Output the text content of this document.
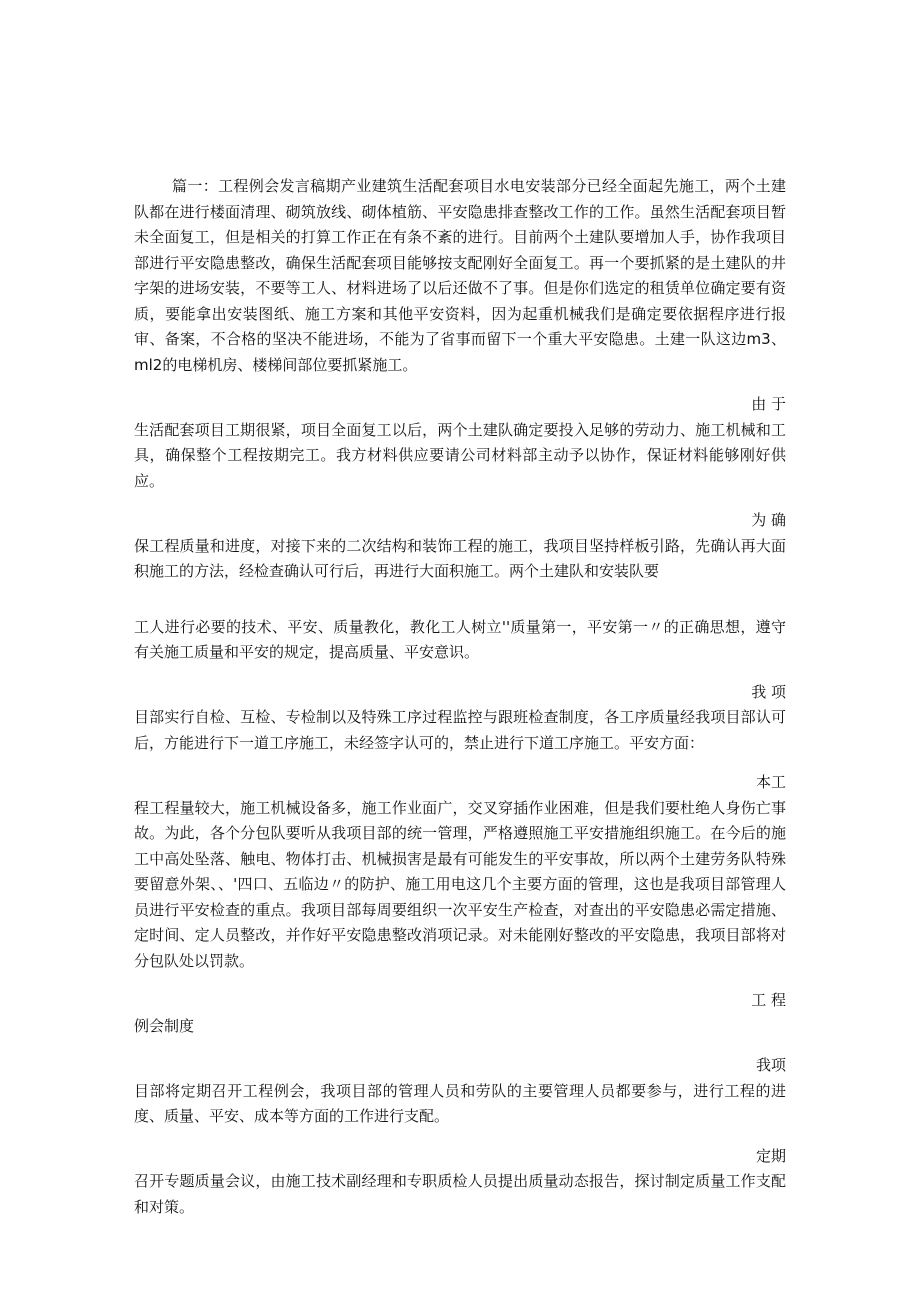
篇一：工程例会发言稿期产业建筑生活配套项目水电安装部分已经全面起先施工，两个土建队都在进行楼面清理、砌筑放线、砌体植筋、平安隐患排查整改工作的工作。虽然生活配套项目暂未全面复工，但是相关的打算工作正在有条不紊的进行。目前两个土建队要增加人手，协作我项目部进行平安隐患整改，确保生活配套项目能够按支配刚好全面复工。再一个要抓紧的是土建队的井字架的进场安装，不要等工人、材料进场了以后还做不了事。但是你们选定的租赁单位确定要有资质，要能拿出安装图纸、施工方案和其他平安资料，因为起重机械我们是确定要依据程序进行报审、备案，不合格的坚决不能进场，不能为了省事而留下一个重大平安隐患。土建一队这边m3、ml2的电梯机房、楼梯间部位要抓紧施工。

由 于

生活配套项目工期很紧，项目全面复工以后，两个土建队确定要投入足够的劳动力、施工机械和工具，确保整个工程按期完工。我方材料供应要请公司材料部主动予以协作，保证材料能够刚好供应。

为 确

保工程质量和进度，对接下来的二次结构和装饰工程的施工，我项目坚持样板引路，先确认再大面积施工的方法，经检查确认可行后，再进行大面积施工。两个土建队和安装队要

工人进行必要的技术、平安、质量教化，教化工人树立''质量第一，平安第一〃的正确思想，遵守有关施工质量和平安的规定，提高质量、平安意识。

我 项

目部实行自检、互检、专检制以及特殊工序过程监控与跟班检查制度，各工序质量经我项目部认可后，方能进行下一道工序施工，未经签字认可的，禁止进行下道工序施工。平安方面：

本工

程工程量较大，施工机械设备多，施工作业面广，交叉穿插作业困难，但是我们要杜绝人身伤亡事故。为此，各个分包队要听从我项目部的统一管理，严格遵照施工平安措施组织施工。在今后的施工中高处坠落、触电、物体打击、机械损害是最有可能发生的平安事故，所以两个土建劳务队特殊要留意外架、、'四口、五临边〃的防护、施工用电这几个主要方面的管理，这也是我项目部管理人员进行平安检查的重点。我项目部每周要组织一次平安生产检查，对查出的平安隐患必需定措施、定时间、定人员整改，并作好平安隐患整改消项记录。对未能刚好整改的平安隐患，我项目部将对分包队处以罚款。

工 程

例会制度

我项

目部将定期召开工程例会，我项目部的管理人员和劳队的主要管理人员都要参与，进行工程的进度、质量、平安、成本等方面的工作进行支配。

定期

召开专题质量会议，由施工技术副经理和专职质检人员提出质量动态报告，探讨制定质量工作支配和对策。
